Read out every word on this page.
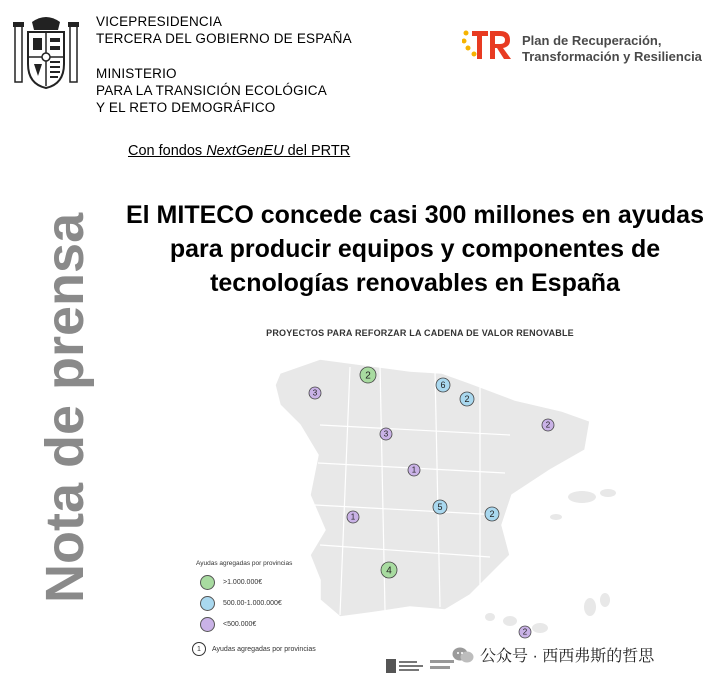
VICEPRESIDENCIA
TERCERA DEL GOBIERNO DE ESPAÑA
MINISTERIO
PARA LA TRANSICIÓN ECOLÓGICA
Y EL RETO DEMOGRÁFICO
Plan de Recuperación,
Transformación y Resiliencia
Con fondos NextGenEU del PRTR
El MITECO concede casi 300 millones en ayudas
para producir equipos y componentes de
tecnologías renovables en España
Nota de prensa	PROYECTOS PARA REFORZAR LA CADENA DE VALOR RENOVABLE
2
6
2
3
3
2
1
5
2
1
4
2
Ayudas agregadas por provincias
>1.000.000€
500.00-1.000.000€
<500.000€
1	Ayudas agregadas por provincias	公众号 · 西西弗斯的哲思
